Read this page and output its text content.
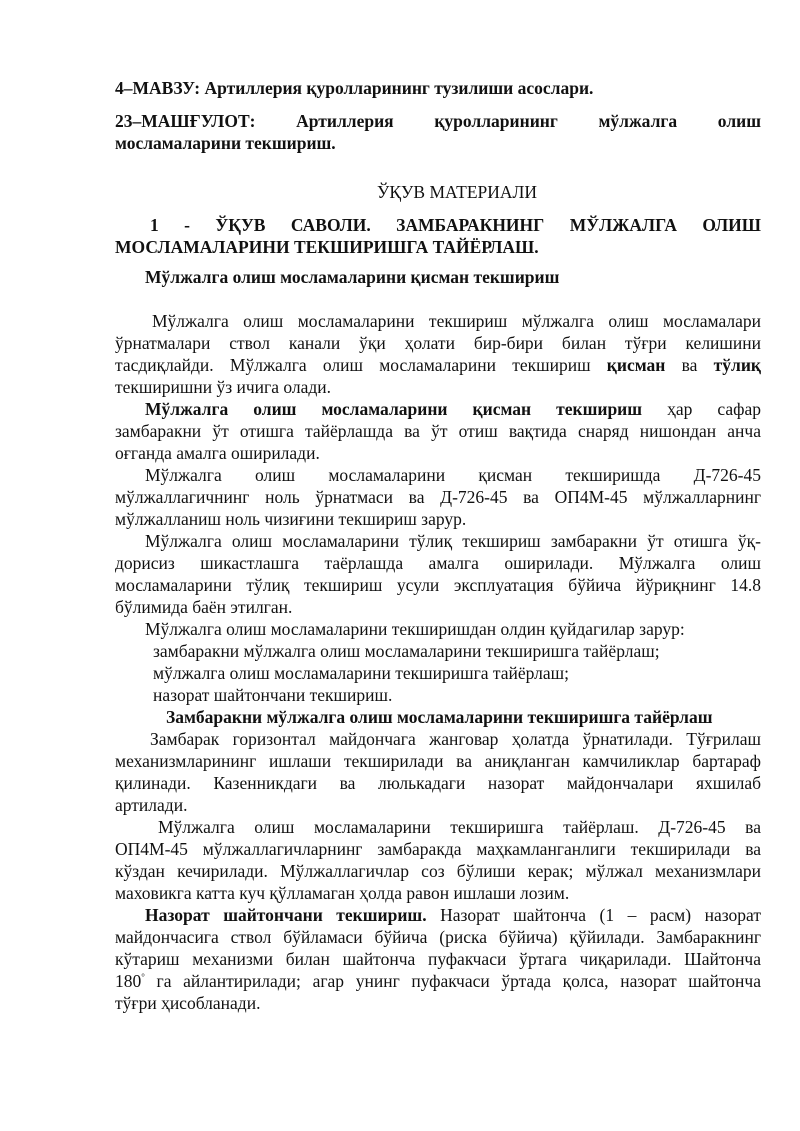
4–МАВЗУ: Артиллерия қуролларининг тузилиши асослари.
23–МАШҒУЛОТ: Артиллерия қуролларининг мўлжалга олиш
мосламаларини текшириш.
ЎҚУВ МАТЕРИАЛИ
1 - ЎҚУВ САВОЛИ. ЗАМБАРАКНИНГ МЎЛЖАЛГА ОЛИШ
МОСЛАМАЛАРИНИ ТЕКШИРИШГА ТАЙЁРЛАШ.
Мўлжалга олиш мосламаларини қисман текшириш
Мўлжалга олиш мосламаларини текшириш мўлжалга олиш мосламалари
ўрнатмалари ствол канали ўқи ҳолати бир-бири билан тўғри келишини
тасдиқлайди. Мўлжалга олиш мосламаларини текшириш қисман ва тўлиқ
текширишни ўз ичига олади.
Мўлжалга олиш мосламаларини қисман текшириш ҳар сафар
замбаракни ўт отишга тайёрлашда ва ўт отиш вақтида снаряд нишондан анча
оғганда амалга оширилади.
Мўлжалга олиш мосламаларини қисман текширишда Д-726-45
мўлжаллагичнинг ноль ўрнатмаси ва Д-726-45 ва ОП4М-45 мўлжалларнинг
мўлжалланиш ноль чизиғини текшириш зарур.
Мўлжалга олиш мосламаларини тўлиқ текшириш замбаракни ўт отишга ўқ-
дорисиз шикастлашга таёрлашда амалга оширилади. Мўлжалга олиш
мосламаларини тўлиқ текшириш усули эксплуатация бўйича йўриқнинг 14.8
бўлимида баён этилган.
Мўлжалга олиш мосламаларини текширишдан олдин қуйдагилар зарур:
замбаракни мўлжалга олиш мосламаларини текширишга тайёрлаш;
мўлжалга олиш мосламаларини текширишга тайёрлаш;
назорат шайтончани текшириш.
Замбаракни мўлжалга олиш мосламаларини текширишга тайёрлаш
Замбарак горизонтал майдончага жанговар ҳолатда ўрнатилади. Тўғрилаш
механизмларининг ишлаши текширилади ва аниқланган камчиликлар бартараф
қилинади. Казенникдаги ва люлькадаги назорат майдончалари яхшилаб
артилади.
Мўлжалга олиш мосламаларини текширишга тайёрлаш. Д-726-45 ва
ОП4М-45 мўлжаллагичларнинг замбаракда маҳкамланганлиги текширилади ва
кўздан кечирилади. Мўлжаллагичлар соз бўлиши керак; мўлжал механизмлари
маховикга катта куч қўлламаган ҳолда равон ишлаши лозим.
Назорат шайтончани текшириш. Назорат шайтонча (1 – расм) назорат
майдончасига ствол бўйламаси бўйича (риска бўйича) қўйилади. Замбаракнинг
кўтариш механизми билан шайтонча пуфакчаси ўртага чиқарилади. Шайтонча
180° га айлантирилади; агар унинг пуфакчаси ўртада қолса, назорат шайтонча
тўғри ҳисобланади.
